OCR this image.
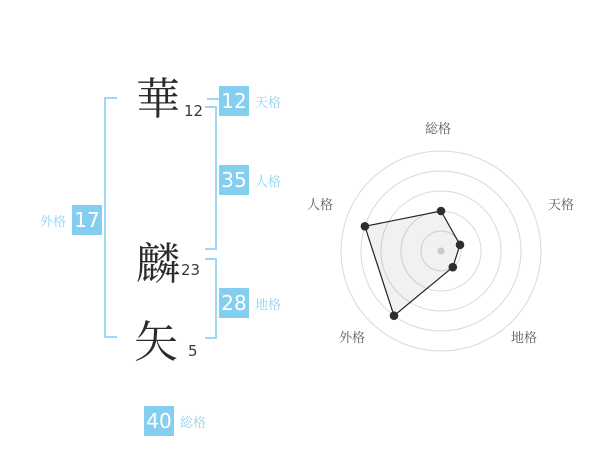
華 12
麟 23
矢 5
12 天格
35 人格
28 地格
17
外格
40 総格
総格
天格
地格
外格
人格
